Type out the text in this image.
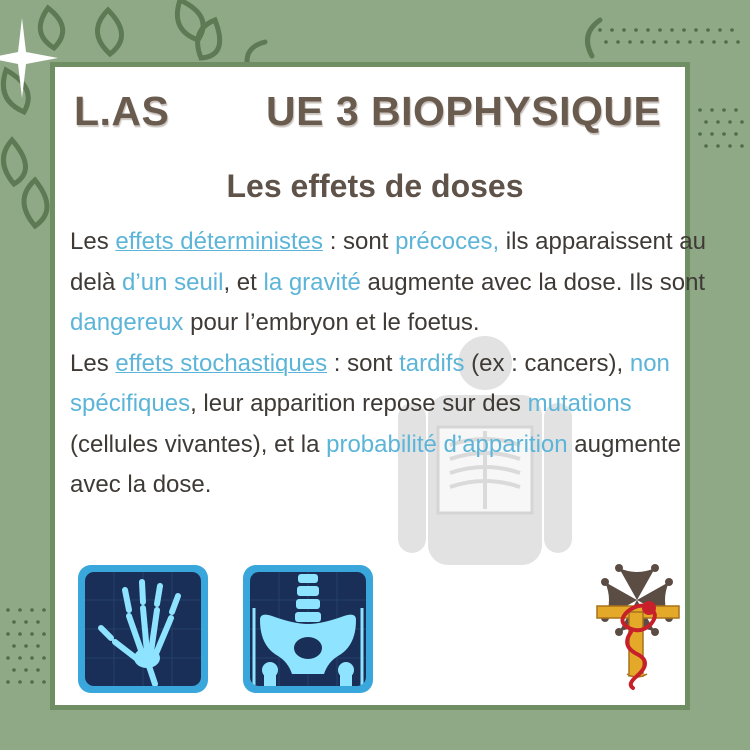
L.AS UE 3 BIOPHYSIQUE
Les effets de doses
Les effets déterministes : sont précoces, ils apparaissent au delà d’un seuil, et la gravité augmente avec la dose. Ils sont dangereux pour l’embryon et le foetus.
Les effets stochastiques : sont tardifs (ex : cancers), non spécifiques, leur apparition repose sur des mutations (cellules vivantes), et la probabilité d’apparition augmente avec la dose.
